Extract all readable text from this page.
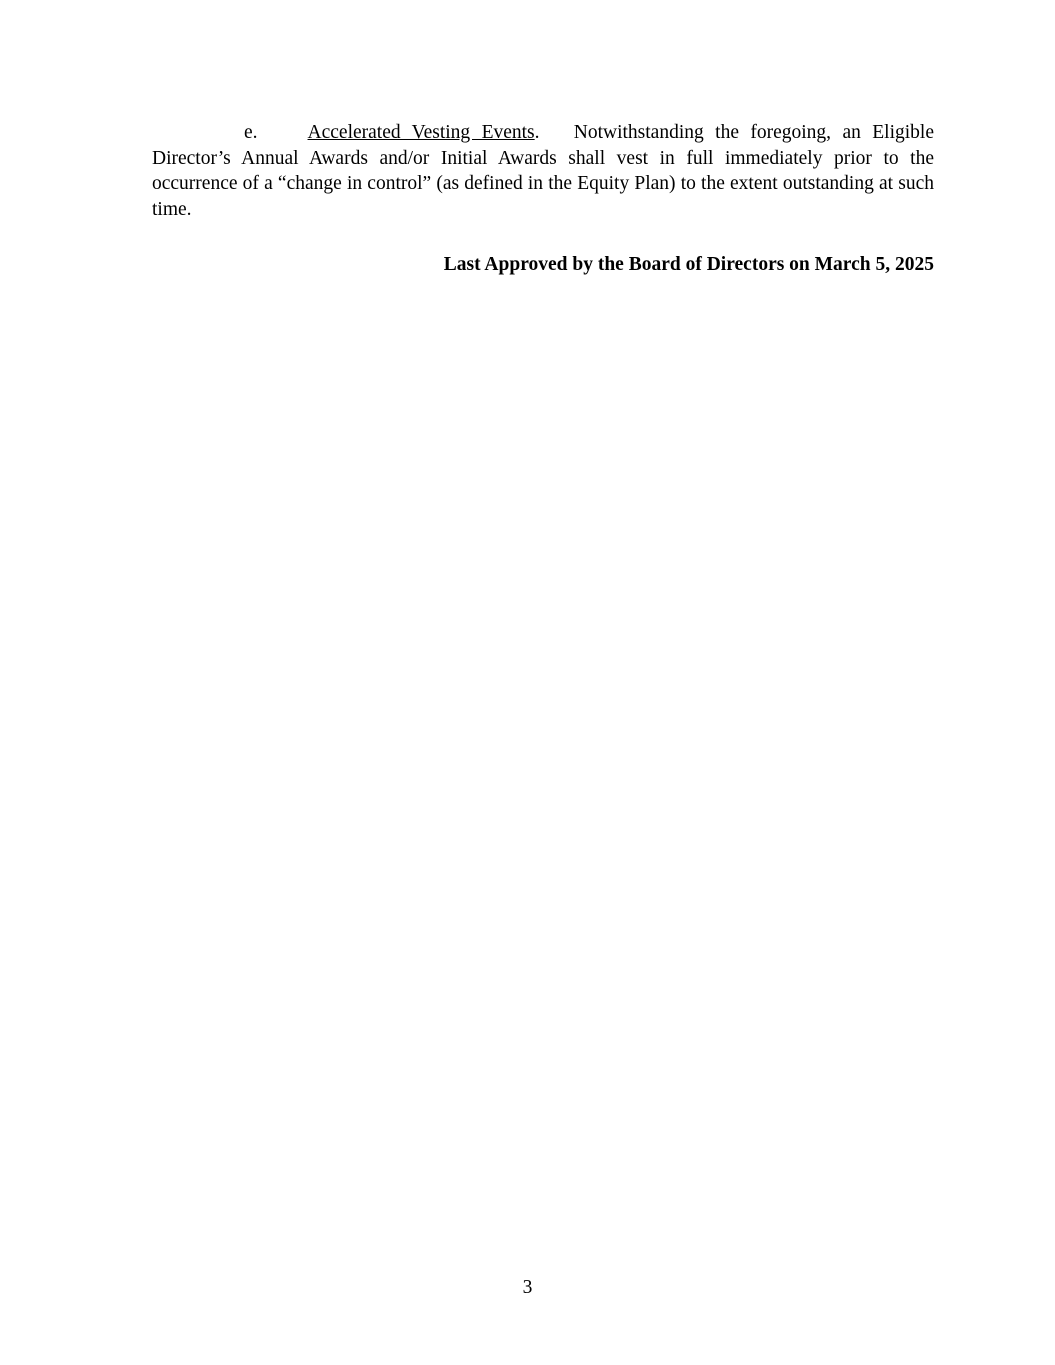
e.	Accelerated Vesting Events. Notwithstanding the foregoing, an Eligible Director’s Annual Awards and/or Initial Awards shall vest in full immediately prior to the occurrence of a “change in control” (as defined in the Equity Plan) to the extent outstanding at such time.

Last Approved by the Board of Directors on March 5, 2025
3
